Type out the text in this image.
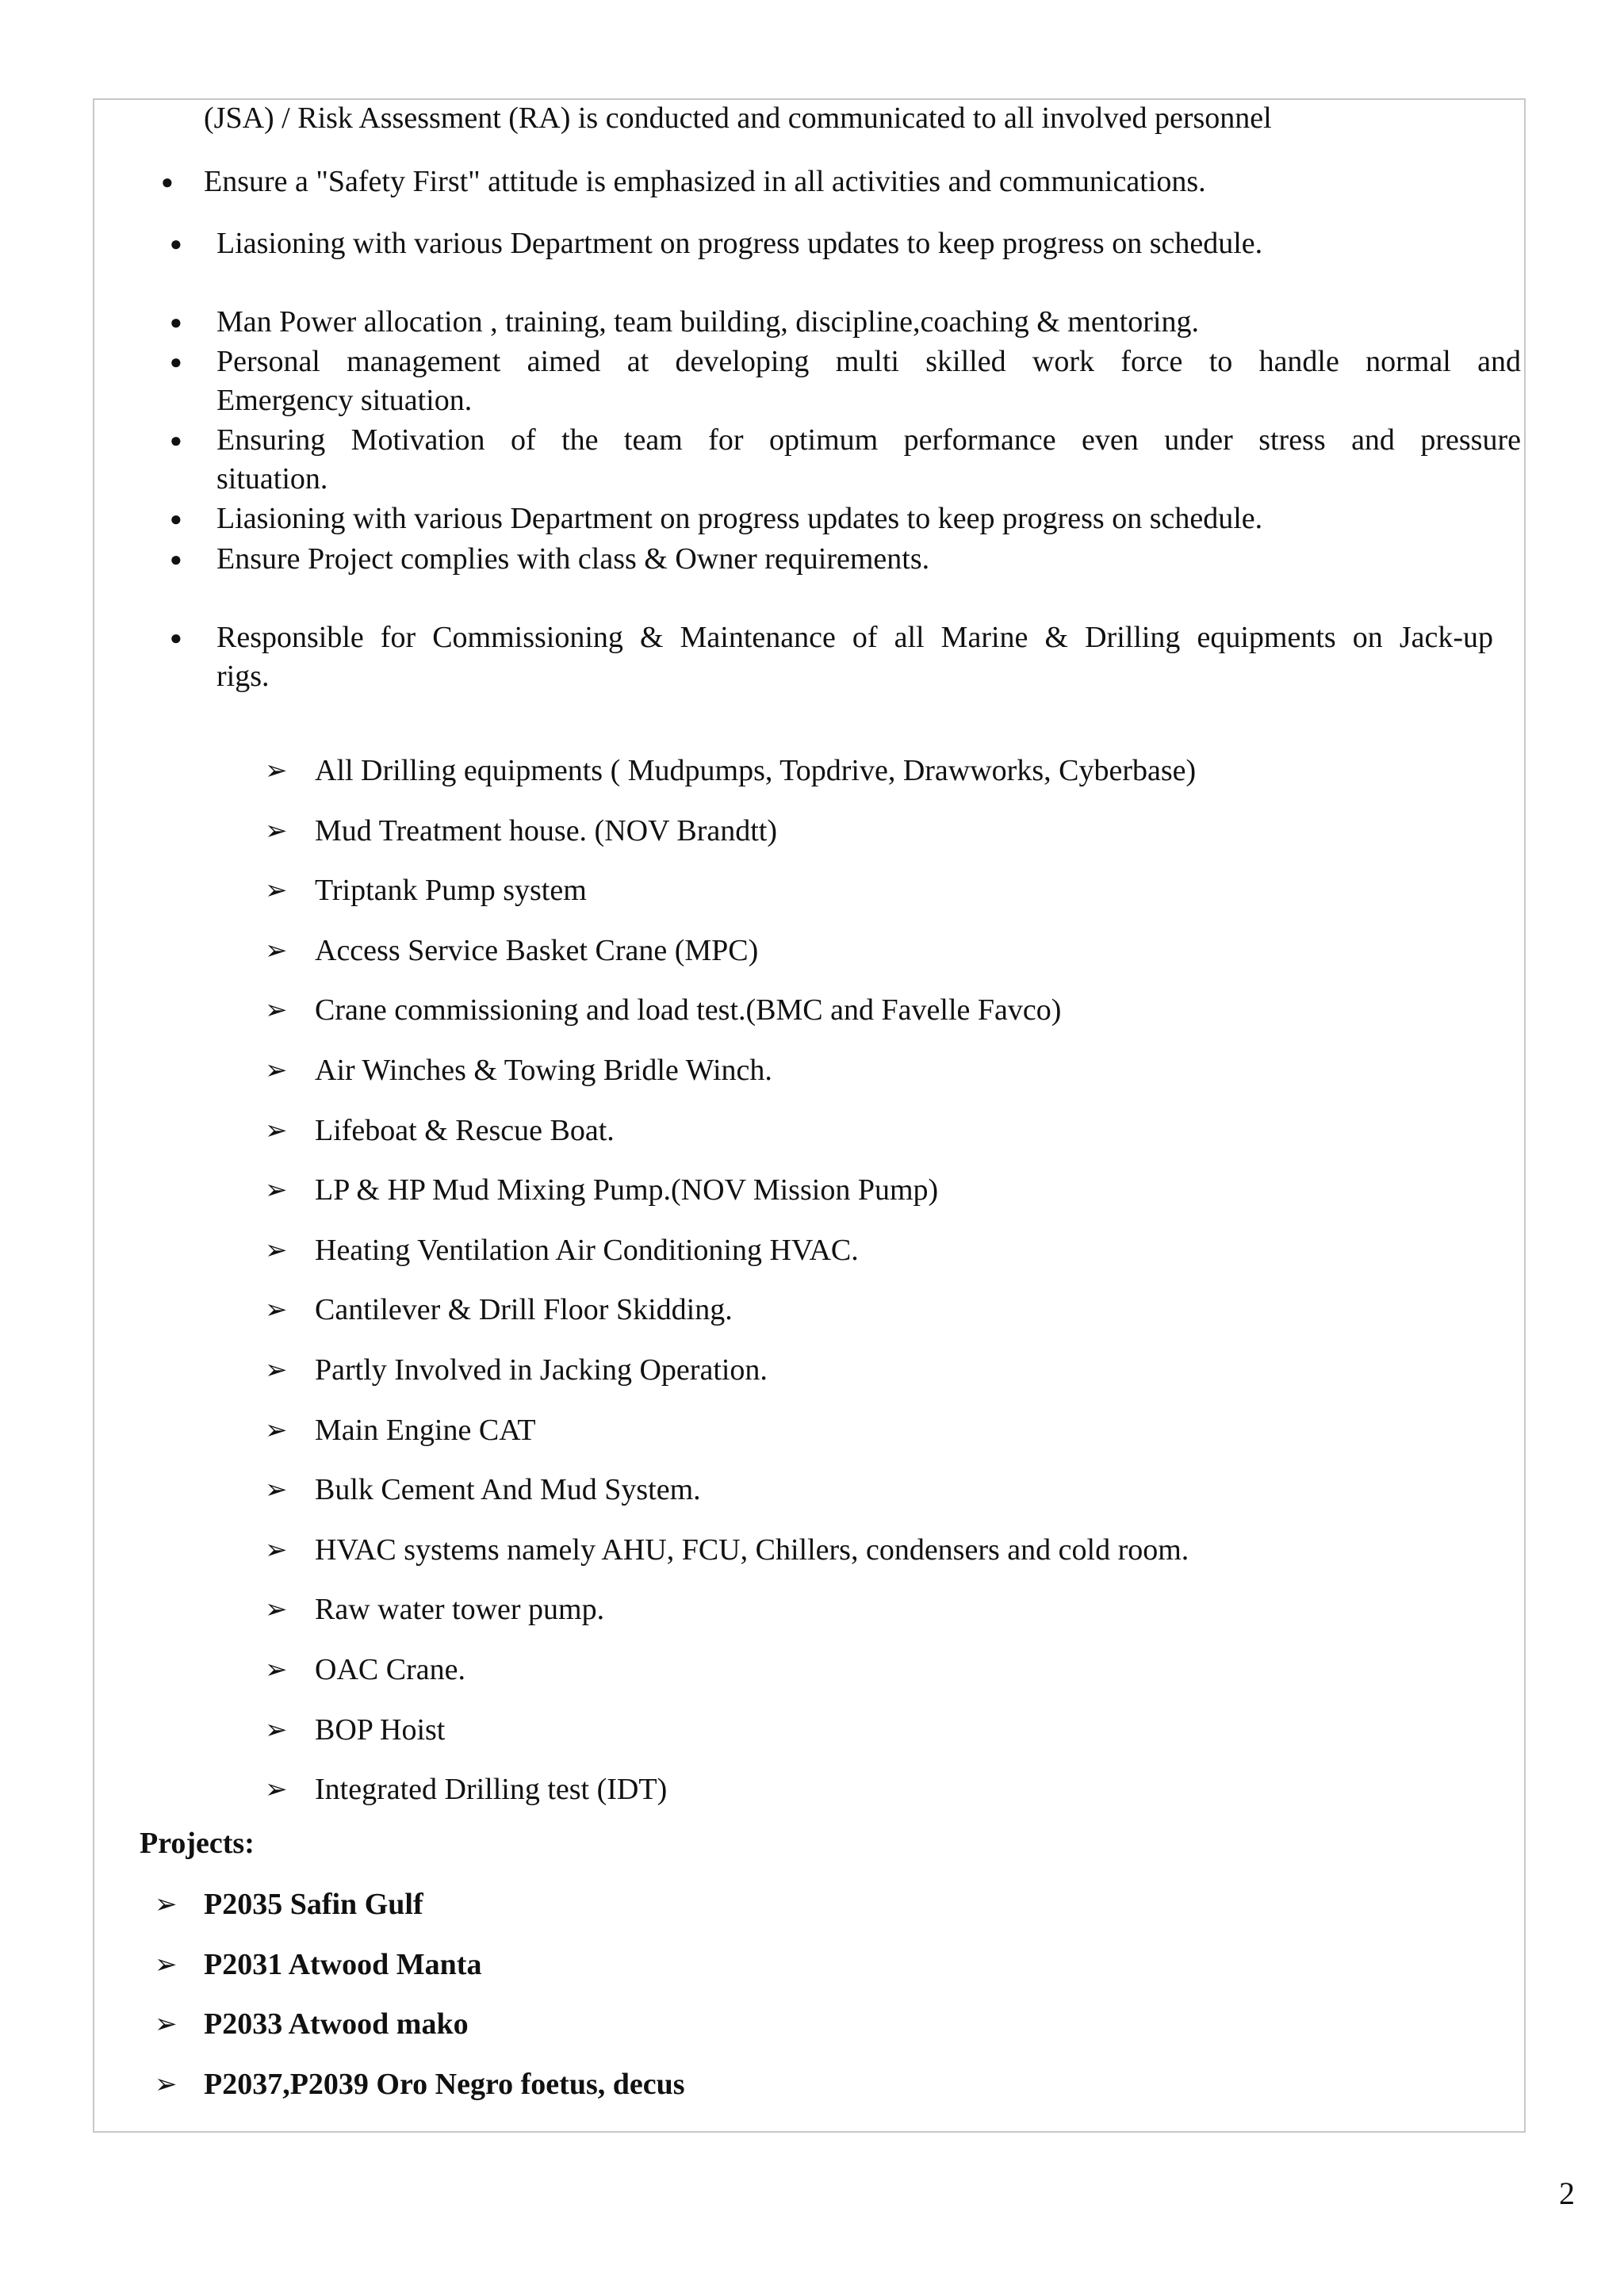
(JSA) / Risk Assessment (RA) is conducted and communicated to all involved personnel
● Ensure a "Safety First" attitude is emphasized in all activities and communications.
● Liasioning with various Department on progress updates to keep progress on schedule.
● Man Power allocation , training, team building, discipline,coaching & mentoring.
● Personal management aimed at developing multi skilled work force to handle normal and
Emergency situation.
● Ensuring Motivation of the team for optimum performance even under stress and pressure
situation.
● Liasioning with various Department on progress updates to keep progress on schedule.
● Ensure Project complies with class & Owner requirements.
● Responsible for Commissioning & Maintenance of all Marine & Drilling equipments on Jack-up
rigs.
➢ All Drilling equipments ( Mudpumps, Topdrive, Drawworks, Cyberbase)
➢ Mud Treatment house. (NOV Brandtt)
➢ Triptank Pump system
➢ Access Service Basket Crane (MPC)
➢ Crane commissioning and load test.(BMC and Favelle Favco)
➢ Air Winches & Towing Bridle Winch.
➢ Lifeboat & Rescue Boat.
➢ LP & HP Mud Mixing Pump.(NOV Mission Pump)
➢ Heating Ventilation Air Conditioning HVAC.
➢ Cantilever & Drill Floor Skidding.
➢ Partly Involved in Jacking Operation.
➢ Main Engine CAT
➢ Bulk Cement And Mud System.
➢ HVAC systems namely AHU, FCU, Chillers, condensers and cold room.
➢ Raw water tower pump.
➢ OAC Crane.
➢ BOP Hoist
➢ Integrated Drilling test (IDT)
Projects:
➢ P2035 Safin Gulf
➢ P2031 Atwood Manta
➢ P2033 Atwood mako
➢ P2037,P2039 Oro Negro foetus, decus
2
